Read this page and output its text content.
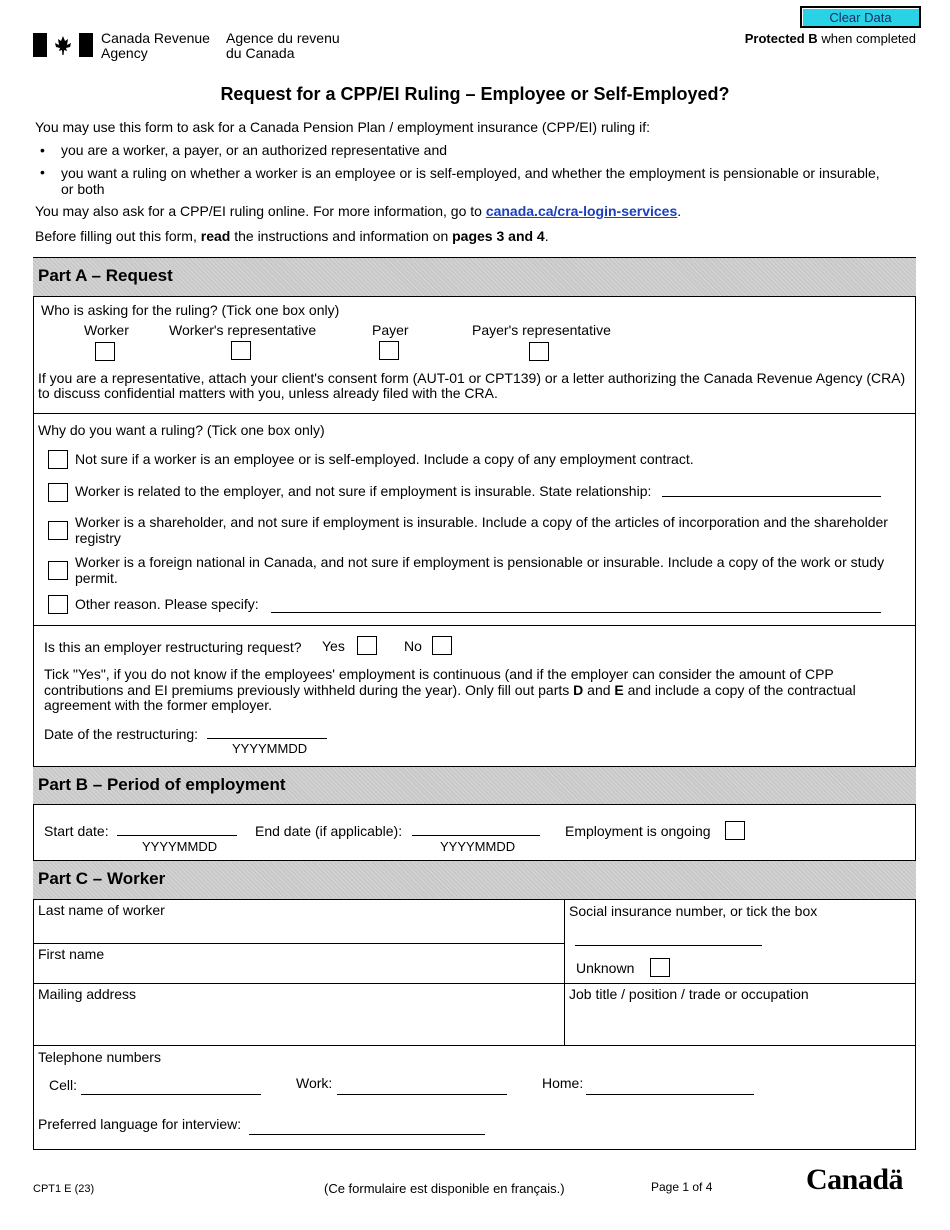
Canada Revenue
Agency
Agence du revenu
du Canada
Clear Data
Protected B when completed
Request for a CPP/EI Ruling – Employee or Self-Employed?
You may use this form to ask for a Canada Pension Plan / employment insurance (CPP/EI) ruling if:
• you are a worker, a payer, or an authorized representative and
• you want a ruling on whether a worker is an employee or is self-employed, and whether the employment is pensionable or insurable,
or both
You may also ask for a CPP/EI ruling online. For more information, go to canada.ca/cra-login-services.
Before filling out this form, read the instructions and information on pages 3 and 4.
Part A – Request
Who is asking for the ruling? (Tick one box only)
Worker	Worker's representative	Payer	Payer's representative
If you are a representative, attach your client's consent form (AUT-01 or CPT139) or a letter authorizing the Canada Revenue Agency (CRA)
to discuss confidential matters with you, unless already filed with the CRA.
Why do you want a ruling? (Tick one box only)
Not sure if a worker is an employee or is self-employed. Include a copy of any employment contract.
Worker is related to the employer, and not sure if employment is insurable. State relationship:
Worker is a shareholder, and not sure if employment is insurable. Include a copy of the articles of incorporation and the shareholder
registry
Worker is a foreign national in Canada, and not sure if employment is pensionable or insurable. Include a copy of the work or study
permit.
Other reason. Please specify:
Is this an employer restructuring request? Yes	No
Tick "Yes", if you do not know if the employees' employment is continuous (and if the employer can consider the amount of CPP
contributions and EI premiums previously withheld during the year). Only fill out parts D and E and include a copy of the contractual
agreement with the former employer.
Date of the restructuring:
YYYYMMDD
Part B – Period of employment
Start date:
YYYYMMDD
End date (if applicable):
YYYYMMDD
Employment is ongoing
Part C – Worker
Last name of worker	Social insurance number, or tick the box
First name
Unknown
Mailing address	Job title / position / trade or occupation
Telephone numbers
Cell:	Work:	Home:
Preferred language for interview:
CPT1 E (23)	(Ce formulaire est disponible en français.)	Page 1 of 4	Canadä
